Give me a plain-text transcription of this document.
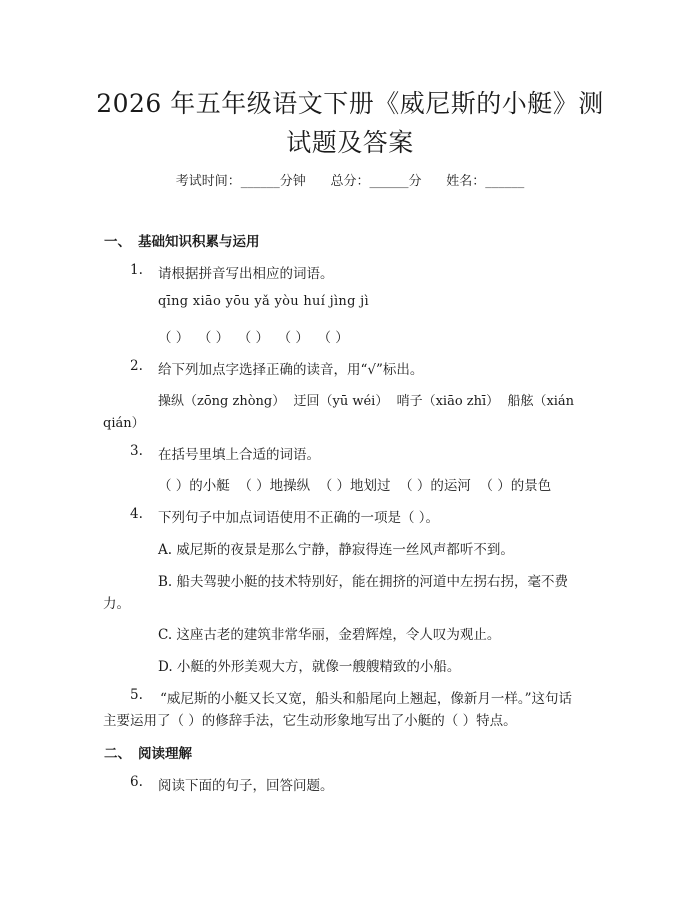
2026 年五年级语文下册《威尼斯的小艇》测
试题及答案
考试时间：______分钟      总分：______分      姓名：______
一、 基础知识积累与运用
1. 请根据拼音写出相应的词语。
qīng xiāo yōu yǎ yòu huí jìng jì
（ ）  （ ）  （ ）  （ ）  （ ）
2. 给下列加点字选择正确的读音，用“√”标出。
操纵（zōng zhòng）  迂回（yū wéi）  哨子（xiāo zhī）  船舷（xián
qián）
3. 在括号里填上合适的词语。
（ ）的小艇  （ ）地操纵  （ ）地划过  （ ）的运河  （ ）的景色
4. 下列句子中加点词语使用不正确的一项是（ ）。
A. 威尼斯的夜景是那么宁静，静寂得连一丝风声都听不到。
B. 船夫驾驶小艇的技术特别好，能在拥挤的河道中左拐右拐，毫不费
力。
C. 这座古老的建筑非常华丽，金碧辉煌，令人叹为观止。
D. 小艇的外形美观大方，就像一艘艘精致的小船。
5. “威尼斯的小艇又长又宽，船头和船尾向上翘起，像新月一样。”这句话
主要运用了（ ）的修辞手法，它生动形象地写出了小艇的（ ）特点。
二、 阅读理解
6. 阅读下面的句子，回答问题。
